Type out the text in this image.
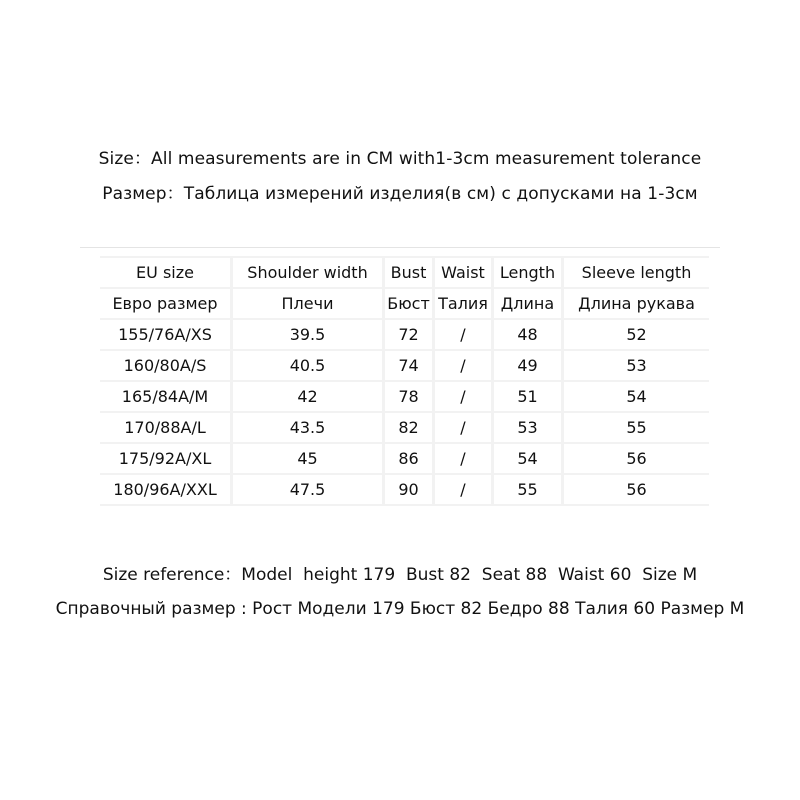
Size：All measurements are in CM with1-3cm measurement tolerance
Размер：Таблица измерений изделия(в см) с допусками на 1-3см
EU size	Shoulder width	Bust	Waist	Length	Sleeve length
Евро размер	Плечи	Бюст	Талия	Длина	Длина рукава
155/76A/XS	39.5	72	/	48	52
160/80A/S	40.5	74	/	49	53
165/84A/M	42	78	/	51	54
170/88A/L	43.5	82	/	53	55
175/92A/XL	45	86	/	54	56
180/96A/XXL	47.5	90	/	55	56
Size reference：Model  height 179  Bust 82  Seat 88  Waist 60  Size M
Справочный размер : Рост Модели 179 Бюст 82 Бедро 88 Талия 60 Размер M
